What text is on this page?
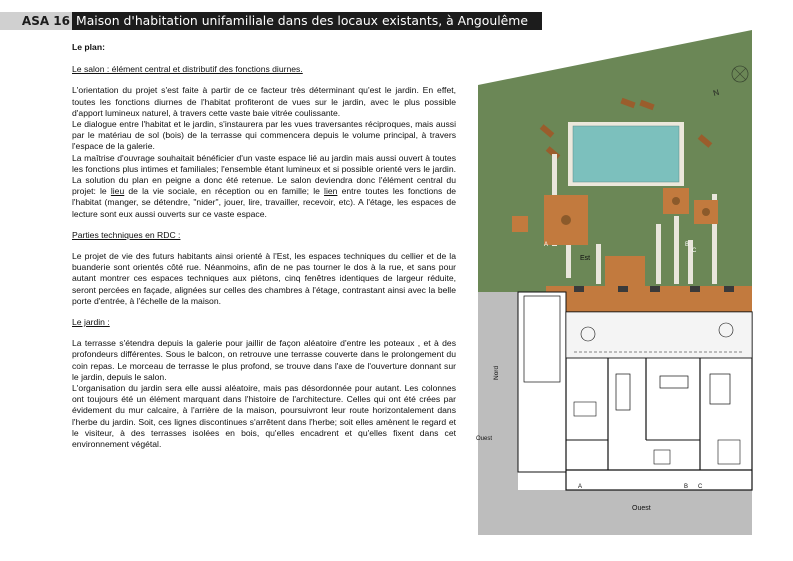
ASA 16 Maison d'habitation unifamiliale dans des locaux existants, à Angoulême

Le plan:

Le salon : élément central et distributif des fonctions diurnes.

L'orientation du projet s'est faite à partir de ce facteur très déterminant qu'est le jardin. En effet, toutes les fonctions diurnes de l'habitat profiteront de vues sur le jardin, avec le plus possible d'apport lumineux naturel, à travers cette vaste baie vitrée coulissante.

Le dialogue entre l'habitat et le jardin, s'instaurera par les vues traversantes réciproques, mais aussi par le matériau de sol (bois) de la terrasse qui commencera depuis le volume principal, à travers l'espace de la galerie.

La maîtrise d'ouvrage souhaitait bénéficier d'un vaste espace lié au jardin mais aussi ouvert à toutes les fonctions plus intimes et familiales; l'ensemble étant lumineux et si possible orienté vers le jardin. La solution du plan en peigne a donc été retenue. Le salon deviendra donc l'élément central du projet: le lieu de la vie sociale, en réception ou en famille; le lien entre toutes les fonctions de l'habitat (manger, se détendre, "nider", jouer, lire, travailler, recevoir, etc). A l'étage, les espaces de lecture sont eux aussi ouverts sur ce vaste espace.

Parties techniques en RDC :

Le projet de vie des futurs habitants ainsi orienté à l'Est, les espaces techniques du cellier et de la buanderie sont orientés côté rue. Néanmoins, afin de ne pas tourner le dos à la rue, et sans pour autant montrer ces espaces techniques aux piétons, cinq fenêtres identiques de largeur réduite, seront percées en façade, alignées sur celles des chambres à l'étage, contrastant ainsi avec la belle porte d'entrée, à l'échelle de la maison.

Le jardin :

La terrasse s'étendra depuis la galerie pour jaillir de façon aléatoire d'entre les poteaux , et à des profondeurs différentes. Sous le balcon, on retrouve une terrasse couverte dans le prolongement du coin repas. Le morceau de terrasse le plus profond, se trouve dans l'axe de l'ouverture donnant sur le jardin, depuis le salon.

L'organisation du jardin sera elle aussi aléatoire, mais pas désordonnée pour autant. Les colonnes ont toujours été un élément marquant dans l'histoire de l'architecture. Celles qui ont été crées par évidement du mur calcaire, à l'arrière de la maison, poursuivront leur route horizontalement dans l'herbe du jardin. Soit, ces lignes discontinues s'arrêtent dans l'herbe; soit elles amènent le regard et le visiteur, à des terrasses isolées en bois, qu'elles encadrent et qu'elles fixent dans cet environnement végétal.

N
A	B
C
Est
Ouest
Nord
Ouest
A	B C
